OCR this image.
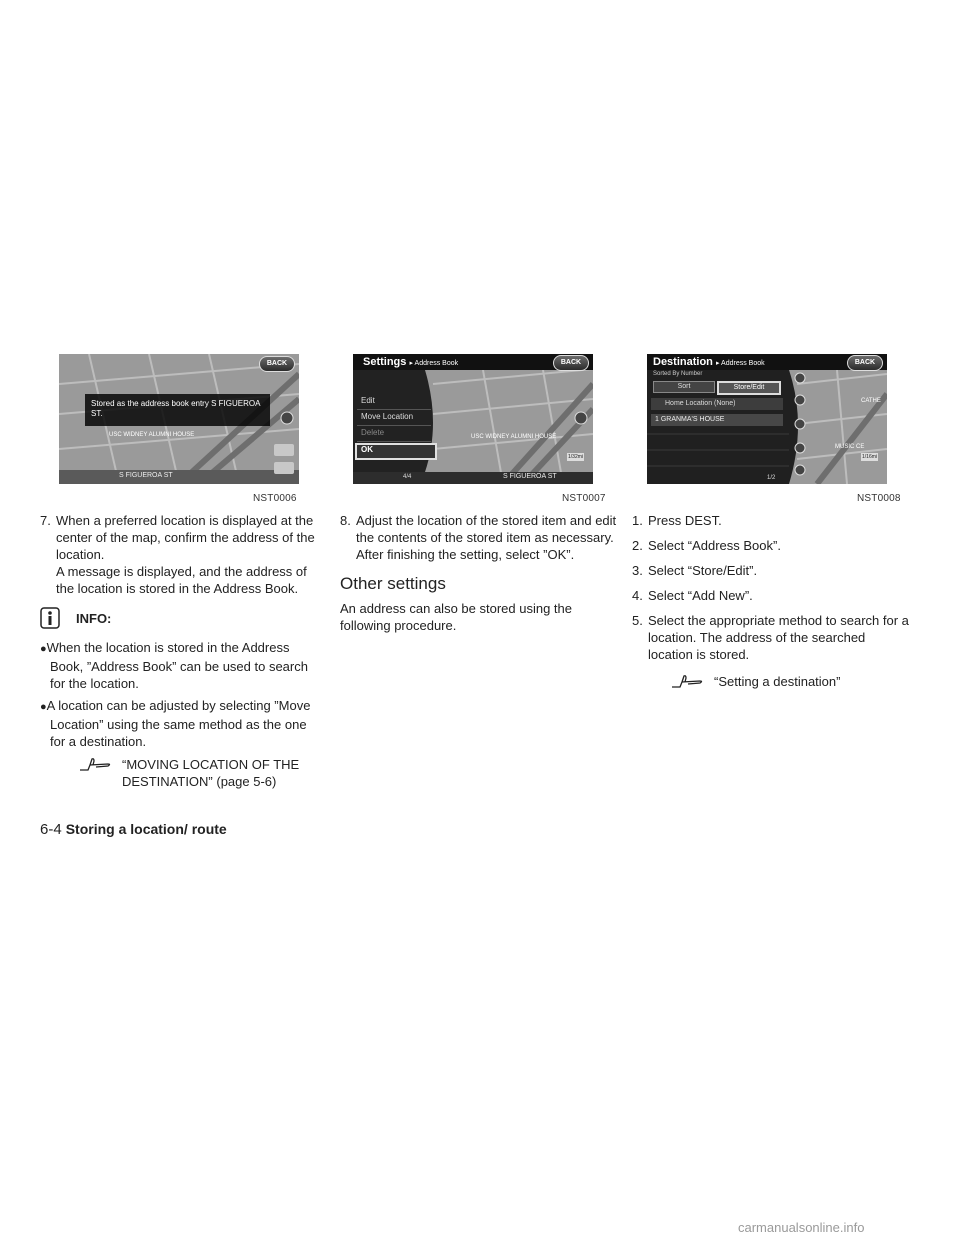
BACK
Stored as the address book entry S FIGUEROA ST.
USC WIDNEY ALUMNI HOUSE
S FIGUEROA ST
NST0006
Settings ▸ Address Book	BACK
Edit
Move Location
Delete
OK
USC WIDNEY ALUMNI HOUSE
4/4	S FIGUEROA ST
1/32mi
NST0007
Destination ▸ Address Book	BACK
Sorted By Number
Sort	Store/Edit
Home Location (None)
1 GRANMA'S HOUSE
CATHE
MUSIC CE
1/2
1/16mi
NST0008
7. When a preferred location is displayed at the center of the map, confirm the address of the location.
A message is displayed, and the address of the location is stored in the Address Book.
INFO:
●When the location is stored in the Address Book, ”Address Book” can be used to search for the location.
●A location can be adjusted by selecting ”Move Location” using the same method as the one for a destination.
“MOVING LOCATION OF THE
DESTINATION” (page 5-6)
8. Adjust the location of the stored item and edit the contents of the stored item as necessary. After finishing the setting, select ”OK”.
Other settings

An address can also be stored using the following procedure.

1. Press DEST.
2. Select “Address Book”.
3. Select “Store/Edit”.
4. Select “Add New”.
5. Select the appropriate method to search for a location. The address of the searched location is stored.
“Setting a destination”
6-4 Storing a location/ route
carmanualsonline.info
